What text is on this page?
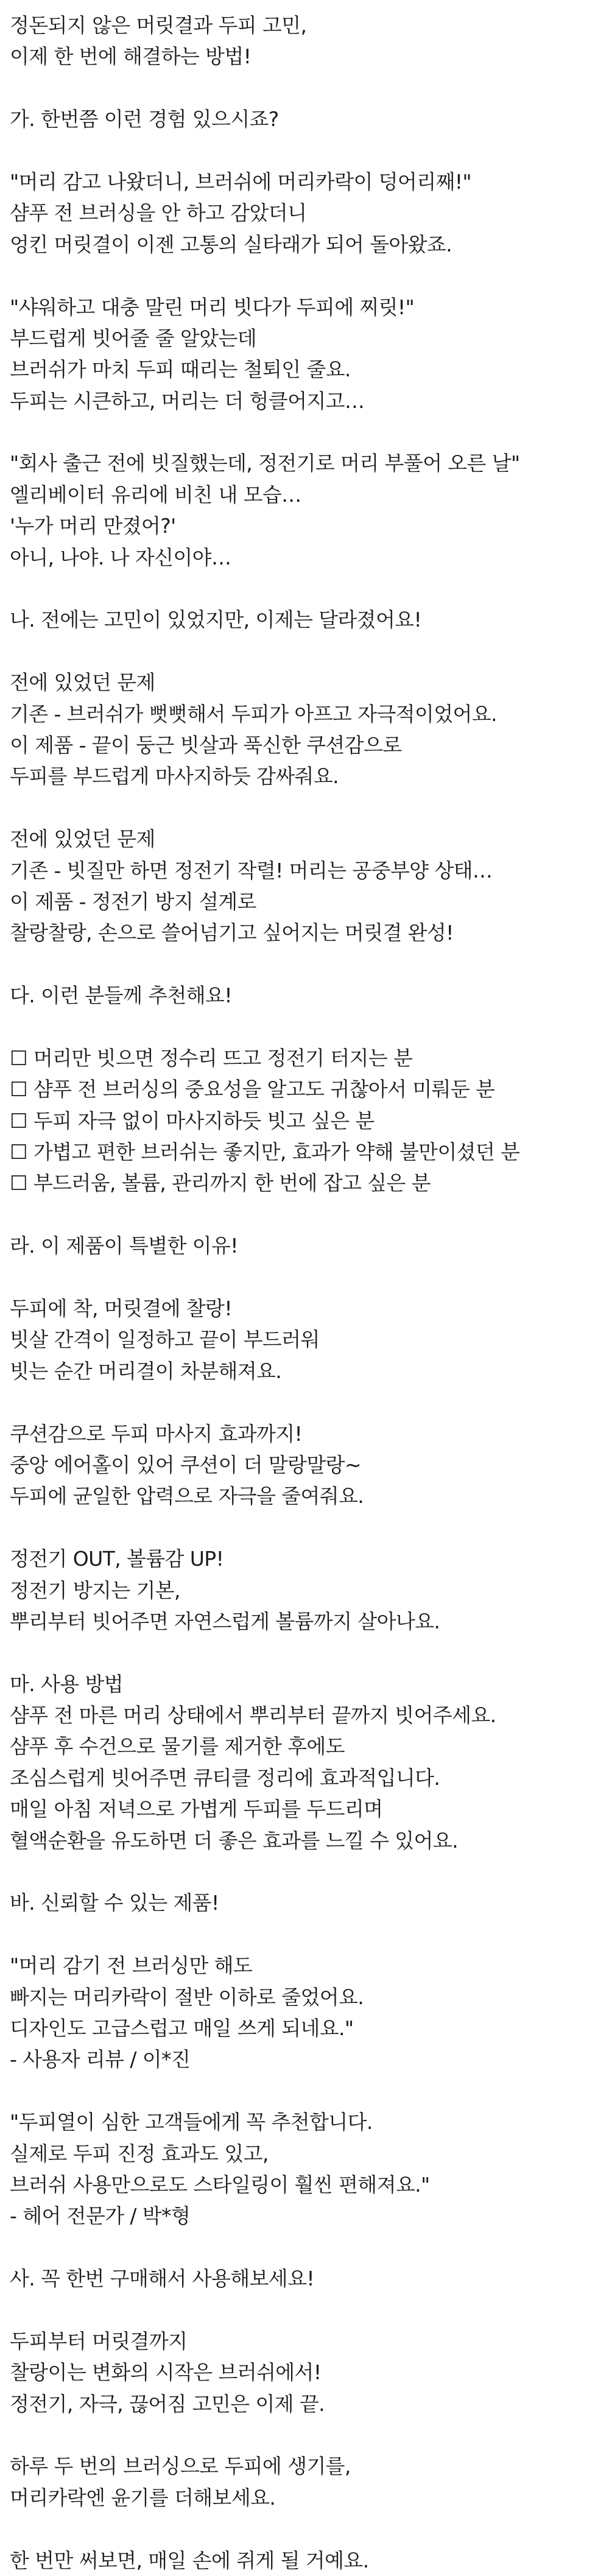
정돈되지 않은 머릿결과 두피 고민,
이제 한 번에 해결하는 방법!
가. 한번쯤 이런 경험 있으시죠?
"머리 감고 나왔더니, 브러쉬에 머리카락이 덩어리째!"
샴푸 전 브러싱을 안 하고 감았더니
엉킨 머릿결이 이젠 고통의 실타래가 되어 돌아왔죠.
"샤워하고 대충 말린 머리 빗다가 두피에 찌릿!"
부드럽게 빗어줄 줄 알았는데
브러쉬가 마치 두피 때리는 철퇴인 줄요.
두피는 시큰하고, 머리는 더 헝클어지고…
"회사 출근 전에 빗질했는데, 정전기로 머리 부풀어 오른 날"
엘리베이터 유리에 비친 내 모습…
'누가 머리 만졌어?'
아니, 나야. 나 자신이야…
나. 전에는 고민이 있었지만, 이제는 달라졌어요!
전에 있었던 문제
기존 - 브러쉬가 뻣뻣해서 두피가 아프고 자극적이었어요.
이 제품 - 끝이 둥근 빗살과 푹신한 쿠션감으로
두피를 부드럽게 마사지하듯 감싸줘요.
전에 있었던 문제
기존 - 빗질만 하면 정전기 작렬! 머리는 공중부양 상태…
이 제품 - 정전기 방지 설계로
찰랑찰랑, 손으로 쓸어넘기고 싶어지는 머릿결 완성!
다. 이런 분들께 추천해요!
☐ 머리만 빗으면 정수리 뜨고 정전기 터지는 분
☐ 샴푸 전 브러싱의 중요성을 알고도 귀찮아서 미뤄둔 분
☐ 두피 자극 없이 마사지하듯 빗고 싶은 분
☐ 가볍고 편한 브러쉬는 좋지만, 효과가 약해 불만이셨던 분
☐ 부드러움, 볼륨, 관리까지 한 번에 잡고 싶은 분
라. 이 제품이 특별한 이유!
두피에 착, 머릿결에 찰랑!
빗살 간격이 일정하고 끝이 부드러워
빗는 순간 머리결이 차분해져요.
쿠션감으로 두피 마사지 효과까지!
중앙 에어홀이 있어 쿠션이 더 말랑말랑~
두피에 균일한 압력으로 자극을 줄여줘요.
정전기 OUT, 볼륨감 UP!
정전기 방지는 기본,
뿌리부터 빗어주면 자연스럽게 볼륨까지 살아나요.
마. 사용 방법
샴푸 전 마른 머리 상태에서 뿌리부터 끝까지 빗어주세요.
샴푸 후 수건으로 물기를 제거한 후에도
조심스럽게 빗어주면 큐티클 정리에 효과적입니다.
매일 아침 저녁으로 가볍게 두피를 두드리며
혈액순환을 유도하면 더 좋은 효과를 느낄 수 있어요.
바. 신뢰할 수 있는 제품!
"머리 감기 전 브러싱만 해도
빠지는 머리카락이 절반 이하로 줄었어요.
디자인도 고급스럽고 매일 쓰게 되네요."
- 사용자 리뷰 / 이*진
"두피열이 심한 고객들에게 꼭 추천합니다.
실제로 두피 진정 효과도 있고,
브러쉬 사용만으로도 스타일링이 훨씬 편해져요."
- 헤어 전문가 / 박*형
사. 꼭 한번 구매해서 사용해보세요!
두피부터 머릿결까지
찰랑이는 변화의 시작은 브러쉬에서!
정전기, 자극, 끊어짐 고민은 이제 끝.
하루 두 번의 브러싱으로 두피에 생기를,
머리카락엔 윤기를 더해보세요.
한 번만 써보면, 매일 손에 쥐게 될 거예요.
